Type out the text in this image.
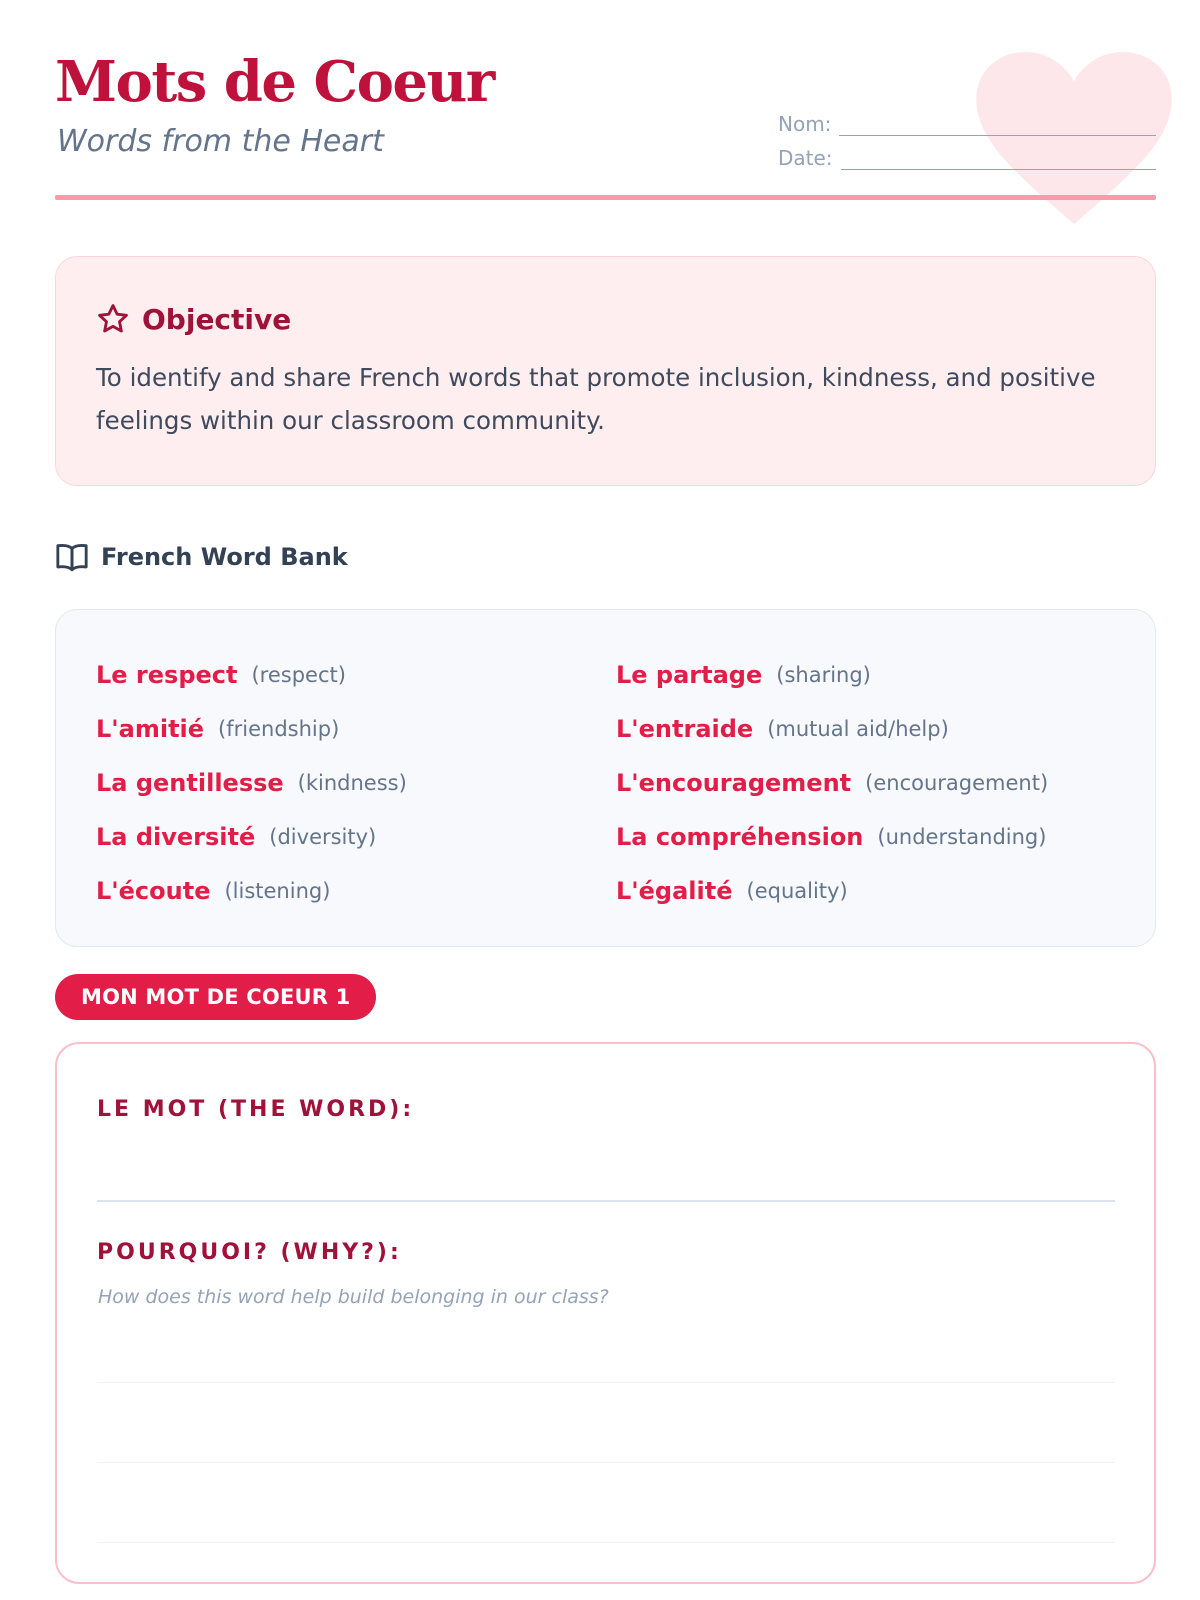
Mots de Coeur
Words from the Heart	Nom:
Date:
Objective

To identify and share French words that promote inclusion, kindness, and positive feelings within our classroom community.

French Word Bank
Le respect (respect)	Le partage (sharing)
L'amitié (friendship)	L'entraide (mutual aid/help)
La gentillesse (kindness)	L'encouragement (encouragement)
La diversité (diversity)	La compréhension (understanding)
L'écoute (listening)	L'égalité (equality)
MON MOT DE COEUR 1
LE MOT (THE WORD):
POURQUOI? (WHY?):
How does this word help build belonging in our class?
